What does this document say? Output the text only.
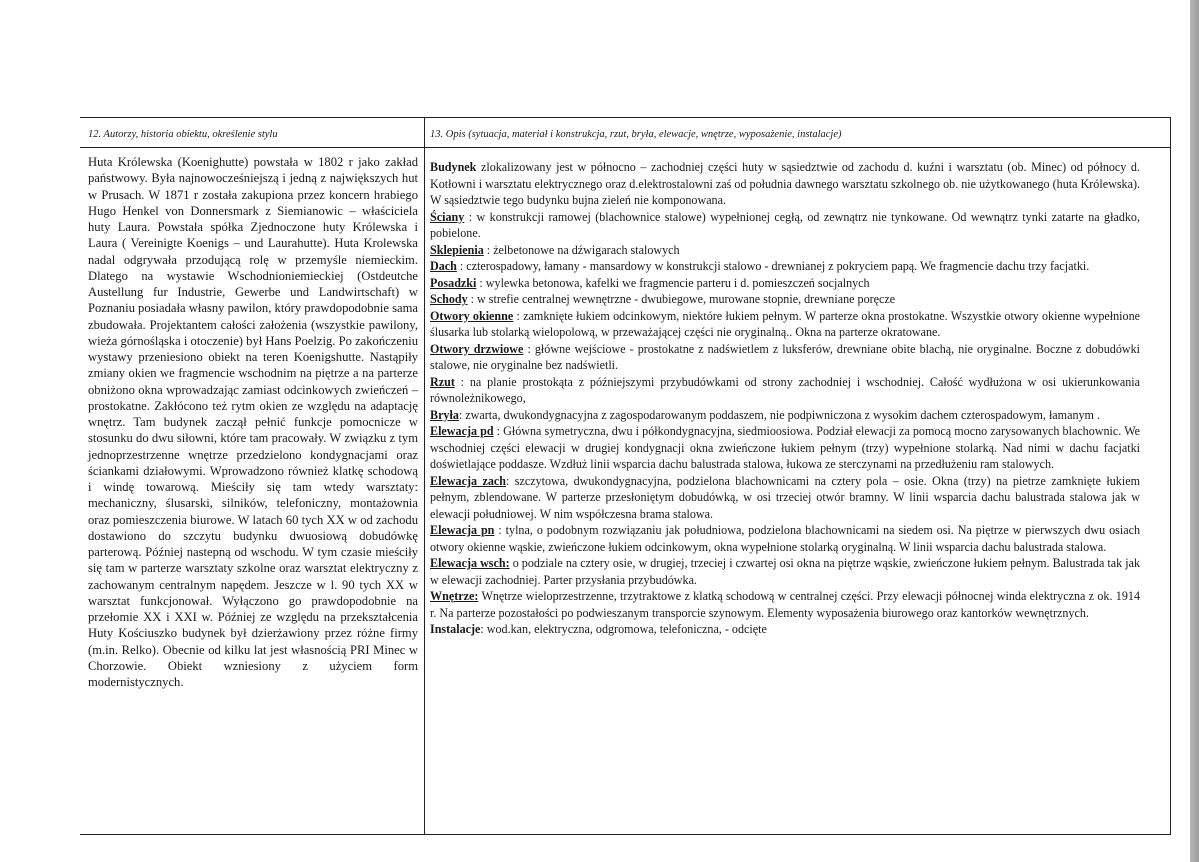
12. Autorzy, historia obiektu, określenie stylu	13. Opis (sytuacja, materiał i konstrukcja, rzut, bryła, elewacje, wnętrze, wyposażenie, instalacje)
Huta Królewska (Koenighutte) powstała w 1802 r jako zakład państwowy. Była najnowocześniejszą i jedną z największych hut w Prusach. W 1871 r została zakupiona przez koncern hrabiego Hugo Henkel von Donnersmark z Siemianowic – właściciela huty Laura. Powstała spółka Zjednoczone huty Królewska i Laura ( Vereinigte Koenigs – und Laurahutte). Huta Krolewska nadal odgrywała przodującą rolę w przemyśle niemieckim. Dlatego na wystawie Wschodnioniemieckiej (Ostdeutche Austellung fur Industrie, Gewerbe und Landwirtschaft) w Poznaniu posiadała własny pawilon, który prawdopodobnie sama zbudowała. Projektantem całości założenia (wszystkie pawilony, wieża górnośląska i otoczenie) był Hans Poelzig. Po zakończeniu wystawy przeniesiono obiekt na teren Koenigshutte. Nastąpiły zmiany okien we fragmencie wschodnim na piętrze a na parterze obniżono okna wprowadzając zamiast odcinkowych zwieńczeń – prostokatne. Zakłócono też rytm okien ze względu na adaptację wnętrz. Tam budynek zaczął pełnić funkcje pomocnicze w stosunku do dwu siłowni, które tam pracowały. W związku z tym jednoprzestrzenne wnętrze przedzielono kondygnacjami oraz ściankami działowymi. Wprowadzono również klatkę schodową i windę towarową. Mieściły się tam wtedy warsztaty: mechaniczny, ślusarski, silników, telefoniczny, montażownia oraz pomieszczenia biurowe. W latach 60 tych XX w od zachodu dostawiono do szczytu budynku dwuosiową dobudówkę parterową. Później nastepną od wschodu. W tym czasie mieściły się tam w parterze warsztaty szkolne oraz warsztat elektryczny z zachowanym centralnym napędem. Jeszcze w l. 90 tych XX w warsztat funkcjonował. Wyłączono go prawdopodobnie na przełomie XX i XXI w. Później ze względu na przekształcenia Huty Kościuszko budynek był dzierżawiony przez różne firmy (m.in. Relko). Obecnie od kilku lat jest własnością PRI Minec w Chorzowie. Obiekt wzniesiony z użyciem form modernistycznych.

Budynek zlokalizowany jest w północno – zachodniej części huty w sąsiedztwie od zachodu d. kuźni i warsztatu (ob. Minec) od północy d. Kotłowni i warsztatu elektrycznego oraz d.elektrostalowni zaś od południa dawnego warsztatu szkolnego ob. nie użytkowanego (huta Królewska). W sąsiedztwie tego budynku bujna zieleń nie komponowana.

Ściany : w konstrukcji ramowej (blachownice stalowe) wypełnionej cegłą, od zewnątrz nie tynkowane. Od wewnątrz tynki zatarte na gładko, pobielone.

Sklepienia : żelbetonowe na dźwigarach stalowych

Dach : czterospadowy, łamany - mansardowy w konstrukcji stalowo - drewnianej z pokryciem papą. We fragmencie dachu trzy facjatki.

Posadzki : wylewka betonowa, kafelki we fragmencie parteru i d. pomieszczeń socjalnych

Schody : w strefie centralnej wewnętrzne - dwubiegowe, murowane stopnie, drewniane poręcze

Otwory okienne : zamknięte łukiem odcinkowym, niektóre łukiem pełnym. W parterze okna prostokatne. Wszystkie otwory okienne wypełnione ślusarka lub stolarką wielopolową, w przeważającej części nie oryginalną.. Okna na parterze okratowane.

Otwory drzwiowe : główne wejściowe - prostokatne z nadświetlem z luksferów, drewniane obite blachą, nie oryginalne. Boczne z dobudówki stalowe, nie oryginalne bez nadświetli.

Rzut : na planie prostokąta z późniejszymi przybudówkami od strony zachodniej i wschodniej. Całość wydłużona w osi ukierunkowania równoleżnikowego,

Bryła: zwarta, dwukondygnacyjna z zagospodarowanym poddaszem, nie podpiwniczona z wysokim dachem czterospadowym, łamanym .

Elewacja pd : Główna symetryczna, dwu i półkondygnacyjna, siedmioosiowa. Podział elewacji za pomocą mocno zarysowanych blachownic. We wschodniej części elewacji w drugiej kondygnacji okna zwieńczone łukiem pełnym (trzy) wypełnione stolarką. Nad nimi w dachu facjatki doświetlające poddasze. Wzdłuż linii wsparcia dachu balustrada stalowa, łukowa ze sterczynami na przedłużeniu ram stalowych.

Elewacja zach: szczytowa, dwukondygnacyjna, podzielona blachownicami na cztery pola – osie. Okna (trzy) na pietrze zamknięte łukiem pełnym, zblendowane. W parterze przesłoniętym dobudówką, w osi trzeciej otwór bramny. W linii wsparcia dachu balustrada stalowa jak w elewacji południowej. W nim współczesna brama stalowa.

Elewacja pn : tylna, o podobnym rozwiązaniu jak południowa, podzielona blachownicami na siedem osi. Na piętrze w pierwszych dwu osiach otwory okienne wąskie, zwieńczone łukiem odcinkowym, okna wypełnione stolarką oryginalną. W linii wsparcia dachu balustrada stalowa.

Elewacja wsch: o podziale na cztery osie, w drugiej, trzeciej i czwartej osi okna na piętrze wąskie, zwieńczone łukiem pełnym. Balustrada tak jak w elewacji zachodniej. Parter przysłania przybudówka.

Wnętrze: Wnętrze wieloprzestrzenne, trzytraktowe z klatką schodową w centralnej części. Przy elewacji północnej winda elektryczna z ok. 1914 r. Na parterze pozostałości po podwieszanym transporcie szynowym. Elementy wyposażenia biurowego oraz kantorków wewnętrznych.

Instalacje: wod.kan, elektryczna, odgromowa, telefoniczna, - odcięte
